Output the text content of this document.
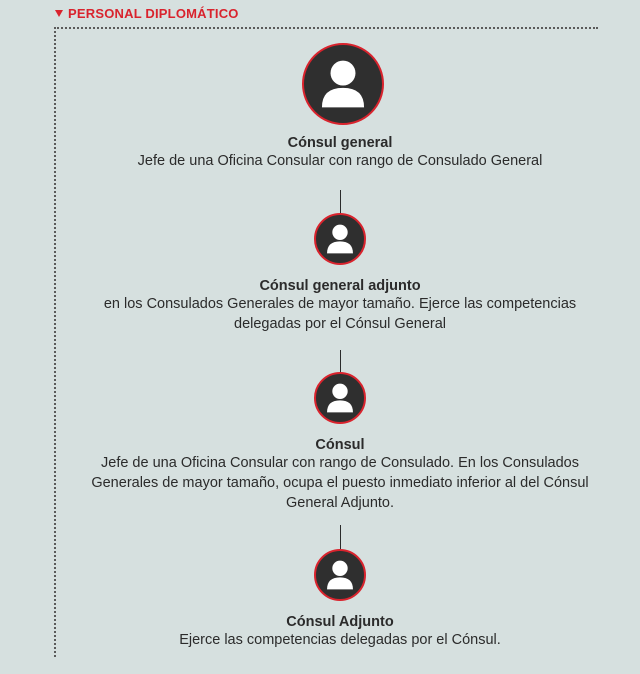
PERSONAL DIPLOMÁTICO
Cónsul general
Jefe de una Oficina Consular con rango de Consulado General
Cónsul general adjunto
en los Consulados Generales de mayor tamaño. Ejerce las competencias
delegadas por el Cónsul General
Cónsul
Jefe de una Oficina Consular con rango de Consulado. En los Consulados
Generales de mayor tamaño, ocupa el puesto inmediato inferior al del Cónsul
General Adjunto.
Cónsul Adjunto
Ejerce las competencias delegadas por el Cónsul.
